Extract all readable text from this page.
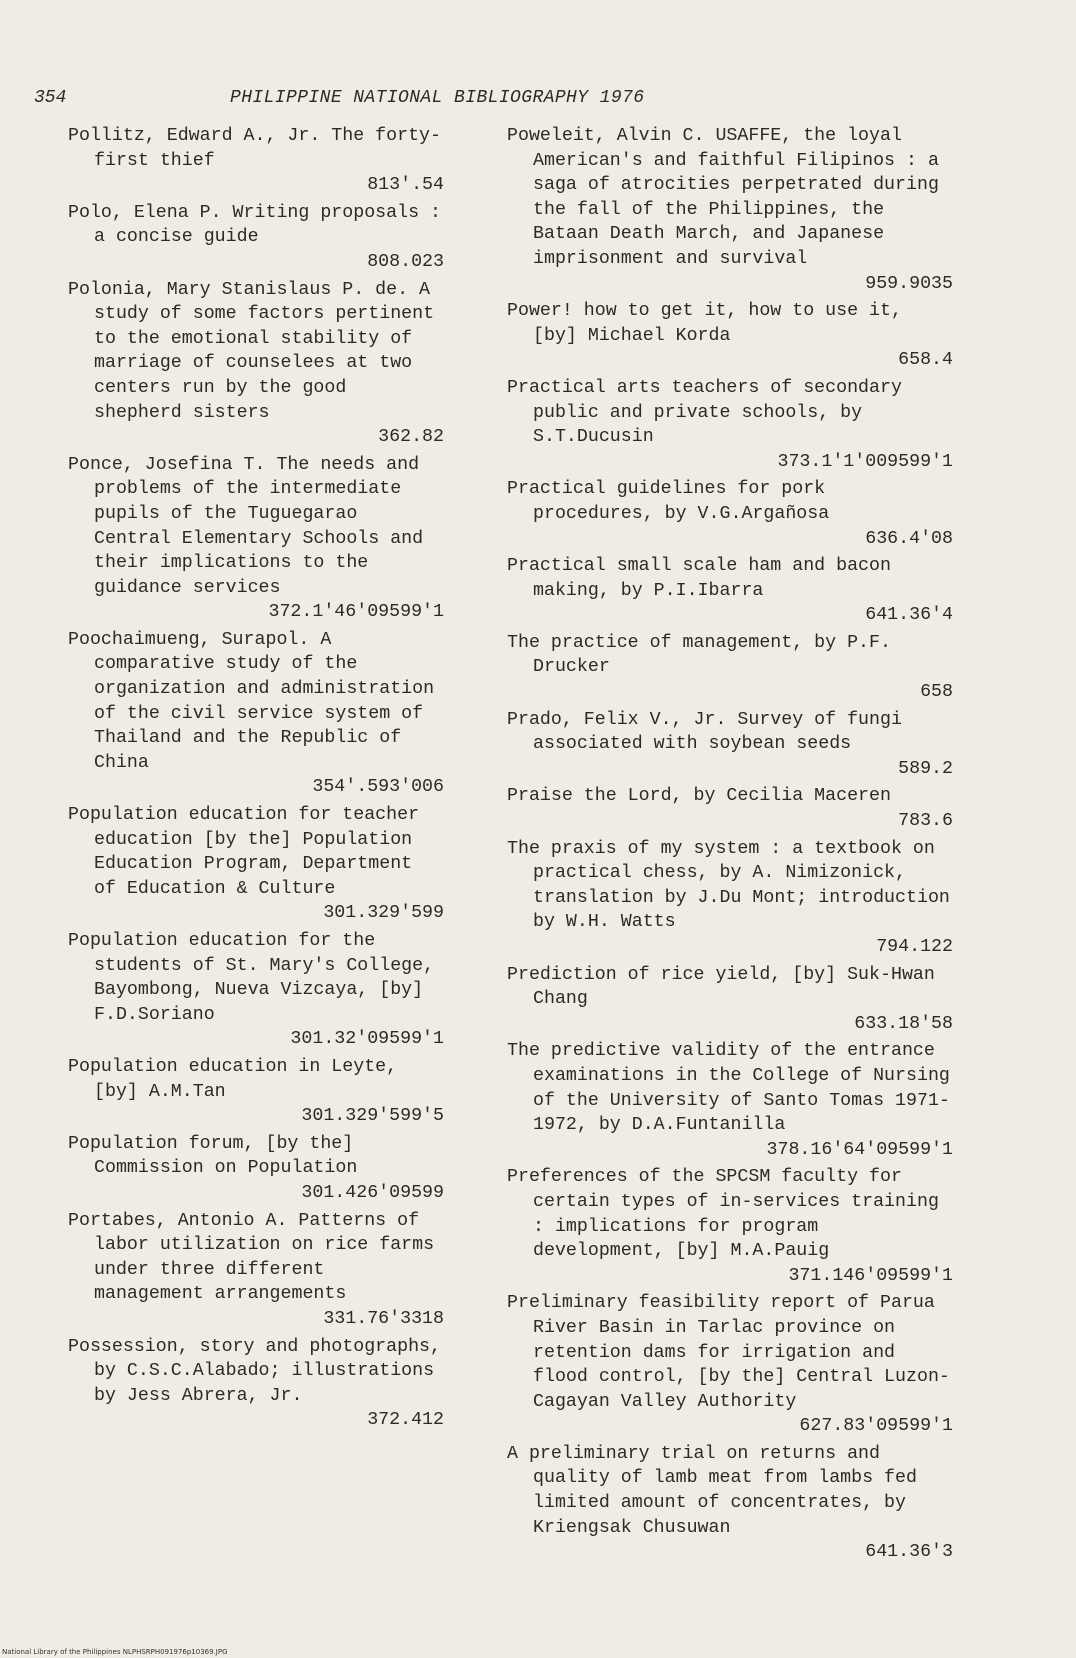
354	PHILIPPINE NATIONAL BIBLIOGRAPHY 1976
Pollitz, Edward A., Jr. The forty-first thief
813'.54
Polo, Elena P. Writing proposals : a concise guide
808.023
Polonia, Mary Stanislaus P. de. A study of some factors pertinent to the emotional stability of marriage of counselees at two centers run by the good shepherd sisters
362.82
Ponce, Josefina T. The needs and problems of the intermediate pupils of the Tuguegarao Central Elementary Schools and their implications to the guidance services
372.1'46'09599'1
Poochaimueng, Surapol. A comparative study of the organization and administration of the civil service system of Thailand and the Republic of China
354'.593'006
Population education for teacher education [by the] Population Education Program, Department of Education & Culture
301.329'599
Population education for the students of St. Mary's College, Bayombong, Nueva Vizcaya, [by] F.D.Soriano
301.32'09599'1
Population education in Leyte, [by] A.M.Tan
301.329'599'5
Population forum, [by the] Commission on Population
301.426'09599
Portabes, Antonio A. Patterns of labor utilization on rice farms under three different management arrangements
331.76'3318
Possession, story and photographs, by C.S.C.Alabado; illustrations by Jess Abrera, Jr.
372.412
Poweleit, Alvin C. USAFFE, the loyal American's and faithful Filipinos : a saga of atrocities perpetrated during the fall of the Philippines, the Bataan Death March, and Japanese imprisonment and survival
959.9035
Power! how to get it, how to use it, [by] Michael Korda
658.4
Practical arts teachers of secondary public and private schools, by S.T.Ducusin
373.1'1'009599'1
Practical guidelines for pork procedures, by V.G.Argañosa
636.4'08
Practical small scale ham and bacon making, by P.I.Ibarra
641.36'4
The practice of management, by P.F. Drucker
658
Prado, Felix V., Jr. Survey of fungi associated with soybean seeds
589.2
Praise the Lord, by Cecilia Maceren
783.6
The praxis of my system : a textbook on practical chess, by A. Nimizonick, translation by J.Du Mont; introduction by W.H. Watts
794.122
Prediction of rice yield, [by] Suk-Hwan Chang
633.18'58
The predictive validity of the entrance examinations in the College of Nursing of the University of Santo Tomas 1971-1972, by D.A.Funtanilla
378.16'64'09599'1
Preferences of the SPCSM faculty for certain types of in-services training : implications for program development, [by] M.A.Pauig
371.146'09599'1
Preliminary feasibility report of Parua River Basin in Tarlac province on retention dams for irrigation and flood control, [by the] Central Luzon-Cagayan Valley Authority
627.83'09599'1
A preliminary trial on returns and quality of lamb meat from lambs fed limited amount of concentrates, by Kriengsak Chusuwan
641.36'3
National Library of the Philippines NLPHSRPH091976p10369.JPG
